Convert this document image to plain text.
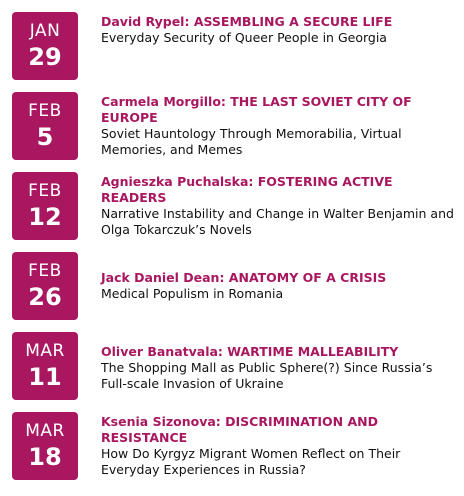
JAN
29
David Rypel: ASSEMBLING A SECURE LIFE
Everyday Security of Queer People in Georgia
FEB
5
Carmela Morgillo: THE LAST SOVIET CITY OF EUROPE
Soviet Hauntology Through Memorabilia, Virtual Memories, and Memes
FEB
12
Agnieszka Puchalska: FOSTERING ACTIVE READERS
Narrative Instability and Change in Walter Benjamin and Olga Tokarczuk’s Novels
FEB
26
Jack Daniel Dean: ANATOMY OF A CRISIS
Medical Populism in Romania
MAR
11
Oliver Banatvala: WARTIME MALLEABILITY
The Shopping Mall as Public Sphere(?) Since Russia’s Full-scale Invasion of Ukraine
MAR
18
Ksenia Sizonova: DISCRIMINATION AND RESISTANCE
How Do Kyrgyz Migrant Women Reflect on Their Everyday Experiences in Russia?
